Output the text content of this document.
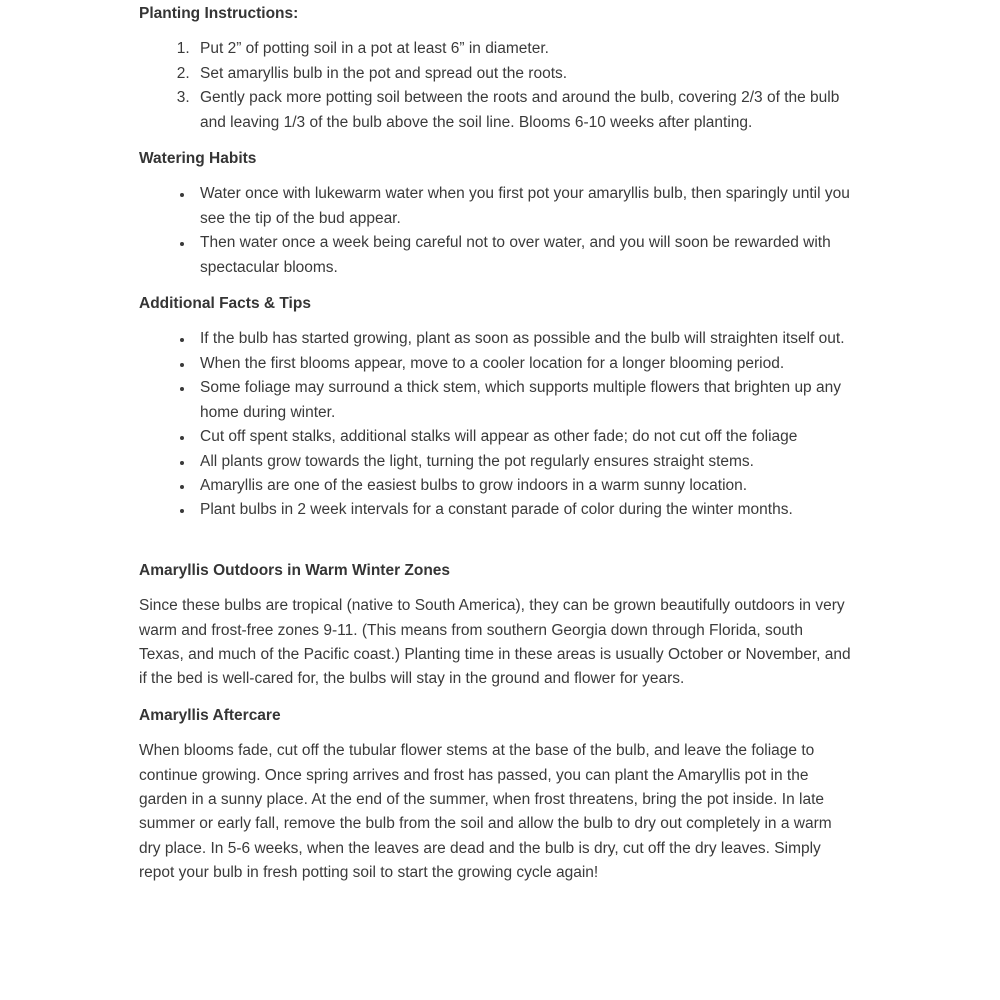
Planting Instructions:
1. Put 2” of potting soil in a pot at least 6” in diameter.
2. Set amaryllis bulb in the pot and spread out the roots.
3. Gently pack more potting soil between the roots and around the bulb, covering 2/3 of the bulb and leaving 1/3 of the bulb above the soil line. Blooms 6-10 weeks after planting.
Watering Habits
• Water once with lukewarm water when you first pot your amaryllis bulb, then sparingly until you see the tip of the bud appear.
• Then water once a week being careful not to over water, and you will soon be rewarded with spectacular blooms.
Additional Facts & Tips
• If the bulb has started growing, plant as soon as possible and the bulb will straighten itself out.
• When the first blooms appear, move to a cooler location for a longer blooming period.
• Some foliage may surround a thick stem, which supports multiple flowers that brighten up any home during winter.
• Cut off spent stalks, additional stalks will appear as other fade; do not cut off the foliage
• All plants grow towards the light, turning the pot regularly ensures straight stems.
• Amaryllis are one of the easiest bulbs to grow indoors in a warm sunny location.
• Plant bulbs in 2 week intervals for a constant parade of color during the winter months.
Amaryllis Outdoors in Warm Winter Zones

Since these bulbs are tropical (native to South America), they can be grown beautifully outdoors in very warm and frost-free zones 9-11. (This means from southern Georgia down through Florida, south Texas, and much of the Pacific coast.) Planting time in these areas is usually October or November, and if the bed is well-cared for, the bulbs will stay in the ground and flower for years.

Amaryllis Aftercare

When blooms fade, cut off the tubular flower stems at the base of the bulb, and leave the foliage to continue growing. Once spring arrives and frost has passed, you can plant the Amaryllis pot in the garden in a sunny place. At the end of the summer, when frost threatens, bring the pot inside. In late summer or early fall, remove the bulb from the soil and allow the bulb to dry out completely in a warm dry place. In 5-6 weeks, when the leaves are dead and the bulb is dry, cut off the dry leaves. Simply repot your bulb in fresh potting soil to start the growing cycle again!
